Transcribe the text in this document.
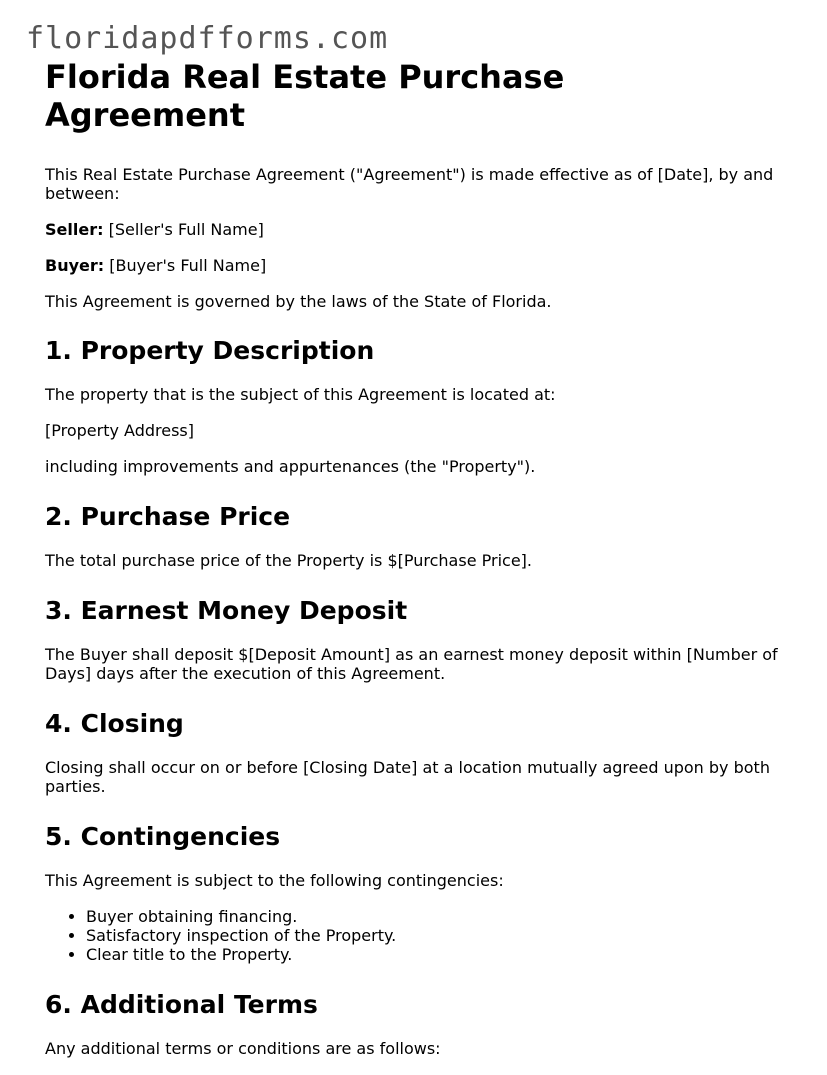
floridapdfforms.com
Florida Real Estate Purchase Agreement

This Real Estate Purchase Agreement ("Agreement") is made effective as of [Date], by and between:

Seller: [Seller's Full Name]

Buyer: [Buyer's Full Name]

This Agreement is governed by the laws of the State of Florida.

1. Property Description

The property that is the subject of this Agreement is located at:

[Property Address]

including improvements and appurtenances (the "Property").

2. Purchase Price

The total purchase price of the Property is $[Purchase Price].

3. Earnest Money Deposit

The Buyer shall deposit $[Deposit Amount] as an earnest money deposit within [Number of Days] days after the execution of this Agreement.

4. Closing

Closing shall occur on or before [Closing Date] at a location mutually agreed upon by both parties.

5. Contingencies

This Agreement is subject to the following contingencies:

• Buyer obtaining financing.
• Satisfactory inspection of the Property.
• Clear title to the Property.
6. Additional Terms

Any additional terms or conditions are as follows:
